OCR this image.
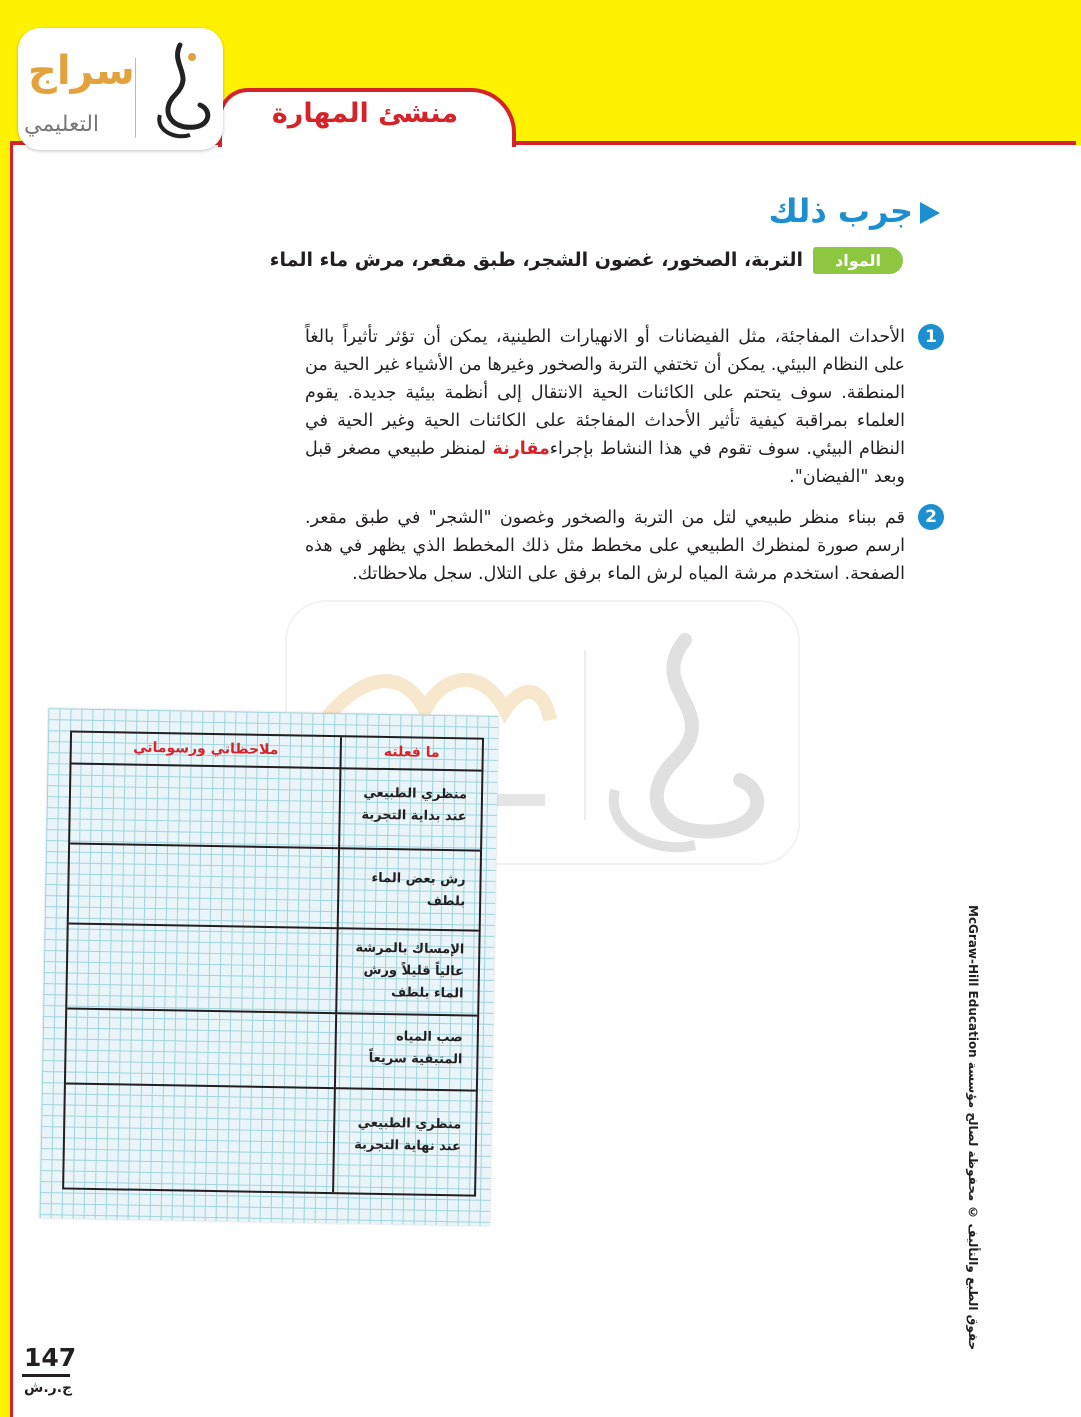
منشئ المهارة
سراج
التعليمي
جرب ذلك
المواد
التربة، الصخور، غضون الشجر، طبق مقعر، مرش ماء الماء
1
الأحداث المفاجئة، مثل الفيضانات أو الانهيارات الطينية، يمكن أن تؤثر تأثيراً بالغاً على النظام البيئي. يمكن أن تختفي التربة والصخور وغيرها من الأشياء غير الحية من المنطقة. سوف يتحتم على الكائنات الحية الانتقال إلى أنظمة بيئية جديدة. يقوم العلماء بمراقبة كيفية تأثير الأحداث المفاجئة على الكائنات الحية وغير الحية في النظام البيئي. سوف تقوم في هذا النشاط بإجراءمقارنة لمنظر طبيعي مصغر قبل وبعد "الفيضان".
2
قم ببناء منظر طبيعي لتل من التربة والصخور وغصون "الشجر" في طبق مقعر. ارسم صورة لمنظرك الطبيعي على مخطط مثل ذلك المخطط الذي يظهر في هذه الصفحة. استخدم مرشة المياه لرش الماء برفق على التلال. سجل ملاحظاتك.
ما فعلته
ملاحظاتي ورسوماتي
منظري الطبيعي عند بداية التجربة
رش بعض الماء بلطف
الإمساك بالمرشة عالياً قليلاً ورش الماء بلطف
صب المياه المتبقية سريعاً
منظري الطبيعي عند نهاية التجربة
حقوق الطبع والتأليف © محفوظة لصالح مؤسسة McGraw-Hill Education
147
ج.ر.ش
